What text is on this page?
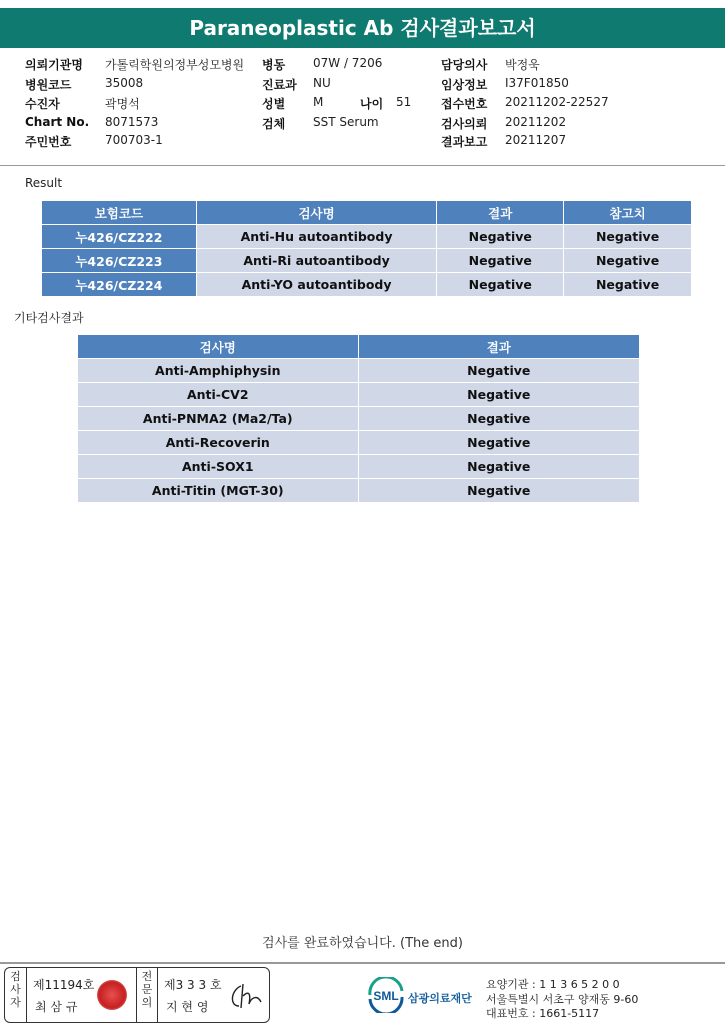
Paraneoplastic Ab 검사결과보고서
의뢰기관명 가톨릭학원의정부성모병원 병동 07W / 7206	담당의사 박정욱
병원코드	35008	진료과 NU	임상정보 I37F01850
수진자	곽명석	성별 M	나이 51 접수번호 20211202-22527
Chart No. 8071573	검체 SST Serum	검사의뢰 20211202
주민번호	700703-1	결과보고 20211207
Result
보험코드	검사명	결과	참고치
누426/CZ222	Anti-Hu autoantibody	Negative	Negative
누426/CZ223	Anti-Ri autoantibody	Negative	Negative
누426/CZ224	Anti-YO autoantibody	Negative	Negative
기타검사결과
검사명	결과
Anti-Amphiphysin	Negative
Anti-CV2	Negative
Anti-PNMA2 (Ma2/Ta)	Negative
Anti-Recoverin	Negative
Anti-SOX1	Negative
Anti-Titin (MGT-30)	Negative
검사를 완료하였습니다. (The end)
검사자
제11194호
최 삼 규
전문의
제3 3 3 호
지 현 영
SML 삼광의료재단
요양기관 : 1 1 3 6 5 2 0 0
서울특별시 서초구 양재동 9-60
대표번호 : 1661-5117
